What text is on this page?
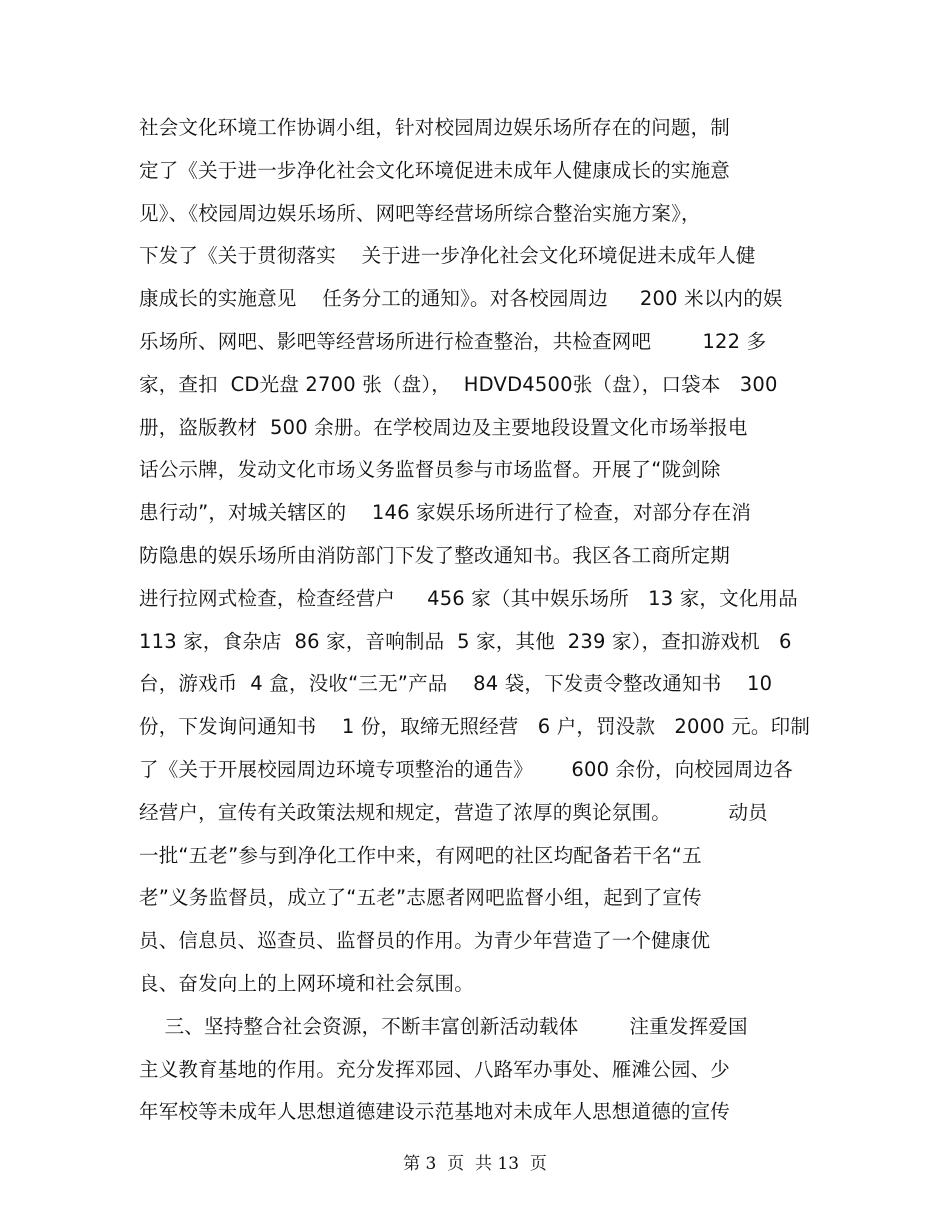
社会文化环境工作协调小组，针对校园周边娱乐场所存在的问题，制
定了《关于进一步净化社会文化环境促进未成年人健康成长的实施意
见》、《校园周边娱乐场所、网吧等经营场所综合整治实施方案》，
下发了《关于贯彻落实    关于进一步净化社会文化环境促进未成年人健
康成长的实施意见    任务分工的通知》。对各校园周边     200 米以内的娱
乐场所、网吧、影吧等经营场所进行检查整治，共检查网吧        122 多
家，查扣  CD光盘 2700 张（盘），  HDVD4500张（盘），口袋本   300
册，盗版教材  500 余册。在学校周边及主要地段设置文化市场举报电
话公示牌，发动文化市场义务监督员参与市场监督。开展了“陇剑除
患行动”，对城关辖区的    146 家娱乐场所进行了检查，对部分存在消
防隐患的娱乐场所由消防部门下发了整改通知书。我区各工商所定期
进行拉网式检查，检查经营户     456 家（其中娱乐场所   13 家，文化用品
113 家，食杂店  86 家，音响制品  5 家，其他  239 家），查扣游戏机   6
台，游戏币  4 盒，没收“三无”产品    84 袋，下发责令整改通知书    10
份，下发询问通知书    1 份，取缔无照经营   6 户，罚没款   2000 元。印制
了《关于开展校园周边环境专项整治的通告》      600 余份，向校园周边各
经营户，宣传有关政策法规和规定，营造了浓厚的舆论氛围。         动员
一批“五老”参与到净化工作中来，有网吧的社区均配备若干名“五
老”义务监督员，成立了“五老”志愿者网吧监督小组，起到了宣传
员、信息员、巡查员、监督员的作用。为青少年营造了一个健康优
良、奋发向上的上网环境和社会氛围。
三、坚持整合社会资源，不断丰富创新活动载体        注重发挥爱国
主义教育基地的作用。充分发挥邓园、八路军办事处、雁滩公园、少
年军校等未成年人思想道德建设示范基地对未成年人思想道德的宣传
第 3  页  共 13  页
